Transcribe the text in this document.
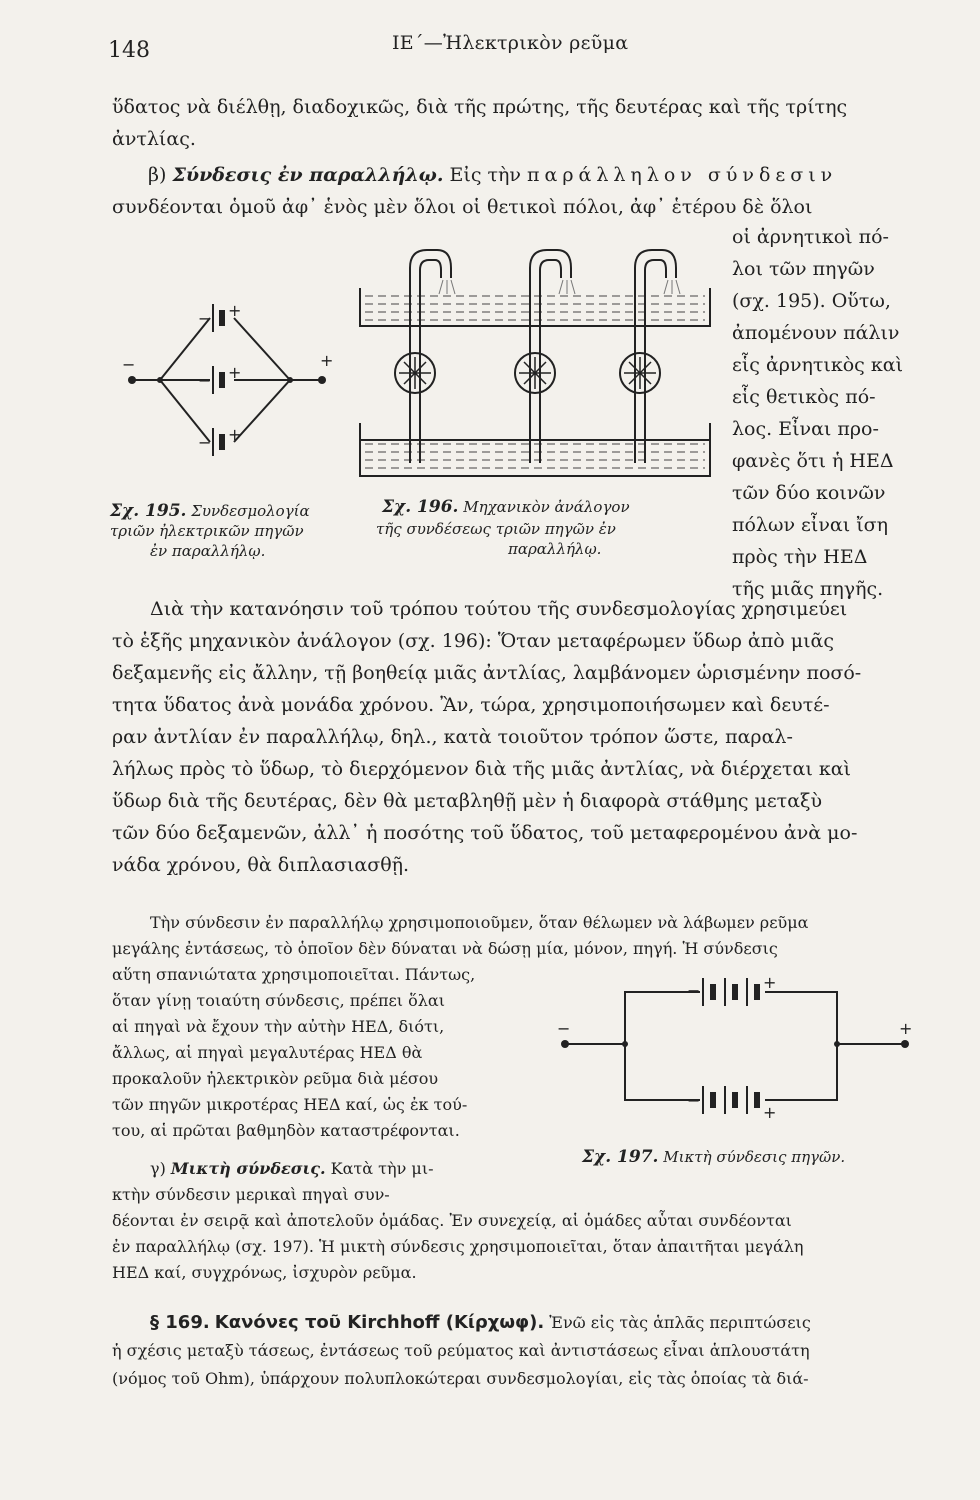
148	ΙΕ΄—Ἠλεκτρικὸν ρεῦμα
ὕδατος νὰ διέλθῃ, διαδοχικῶς, διὰ τῆς πρώτης, τῆς δευτέρας καὶ τῆς τρίτης
ἀντλίας.
β) Σύνδεσις ἐν παραλλήλῳ. Εἰς τὴν παράλληλον σύνδεσιν
συνδέονται ὁμοῦ ἀφ᾽ ἑνὸς μὲν ὅλοι οἱ θετικοὶ πόλοι, ἀφ᾽ ἑτέρου δὲ ὅλοι
οἱ ἀρνητικοὶ πό-
λοι τῶν πηγῶν
(σχ. 195). Οὕτω,
ἀπομένουν πάλιν
εἷς ἀρνητικὸς καὶ
εἷς θετικὸς πό-
λος. Εἶναι προ-
φανὲς ὅτι ἡ ΗΕΔ
τῶν δύο κοινῶν
πόλων εἶναι ἴση
πρὸς τὴν ΗΕΔ
τῆς μιᾶς πηγῆς.
+
+
+
+
−
−
−
−
Σχ. 195. Συνδεσμολογία
τριῶν ἠλεκτρικῶν πηγῶν
ἐν παραλλήλῳ.
Σχ. 196. Μηχανικὸν ἀνάλογον
τῆς συνδέσεως τριῶν πηγῶν ἐν
παραλλήλῳ.
Διὰ τὴν κατανόησιν τοῦ τρόπου τούτου τῆς συνδεσμολογίας χρησιμεύει
τὸ ἑξῆς μηχανικὸν ἀνάλογον (σχ. 196): Ὅταν μεταφέρωμεν ὕδωρ ἀπὸ μιᾶς
δεξαμενῆς εἰς ἄλλην, τῇ βοηθείᾳ μιᾶς ἀντλίας, λαμβάνομεν ὡρισμένην ποσό-
τητα ὕδατος ἀνὰ μονάδα χρόνου. Ἂν, τώρα, χρησιμοποιήσωμεν καὶ δευτέ-
ραν ἀντλίαν ἐν παραλλήλῳ, δηλ., κατὰ τοιοῦτον τρόπον ὥστε, παραλ-
λήλως πρὸς τὸ ὕδωρ, τὸ διερχόμενον διὰ τῆς μιᾶς ἀντλίας, νὰ διέρχεται καὶ
ὕδωρ διὰ τῆς δευτέρας, δὲν θὰ μεταβληθῇ μὲν ἡ διαφορὰ στάθμης μεταξὺ
τῶν δύο δεξαμενῶν, ἀλλ᾽ ἡ ποσότης τοῦ ὕδατος, τοῦ μεταφερομένου ἀνὰ μο-
νάδα χρόνου, θὰ διπλασιασθῇ.
Τὴν σύνδεσιν ἐν παραλλήλῳ χρησιμοποιοῦμεν, ὅταν θέλωμεν νὰ λάβωμεν ρεῦμα
μεγάλης ἐντάσεως, τὸ ὁποῖον δὲν δύναται νὰ δώσῃ μία, μόνον, πηγή. Ἡ σύνδεσις
αὕτη σπανιώτατα χρησιμοποιεῖται. Πάντως,
ὅταν γίνῃ τοιαύτη σύνδεσις, πρέπει ὅλαι
αἱ πηγαὶ νὰ ἔχουν τὴν αὐτὴν ΗΕΔ, διότι,
ἄλλως, αἱ πηγαὶ μεγαλυτέρας ΗΕΔ θὰ
προκαλοῦν ἠλεκτρικὸν ρεῦμα διὰ μέσου
τῶν πηγῶν μικροτέρας ΗΕΔ καί, ὡς ἐκ τού-
του, αἱ πρῶται βαθμηδὸν καταστρέφονται.
+
+
+
−
−
−
Σχ. 197. Μικτὴ σύνδεσις πηγῶν.
γ) Μικτὴ σύνδεσις. Κατὰ τὴν μι-
κτὴν σύνδεσιν μερικαὶ πηγαὶ συν-
δέονται ἐν σειρᾷ καὶ ἀποτελοῦν ὁμάδας. Ἐν συνεχείᾳ, αἱ ὁμάδες αὗται συνδέονται
ἐν παραλλήλῳ (σχ. 197). Ἡ μικτὴ σύνδεσις χρησιμοποιεῖται, ὅταν ἀπαιτῆται μεγάλη
ΗΕΔ καί, συγχρόνως, ἰσχυρὸν ρεῦμα.
§ 169. Κανόνες τοῦ Kirchhoff (Κίρχωφ). Ἐνῶ εἰς τὰς ἁπλᾶς περιπτώσεις
ἡ σχέσις μεταξὺ τάσεως, ἐντάσεως τοῦ ρεύματος καὶ ἀντιστάσεως εἶναι ἁπλουστάτη
(νόμος τοῦ Ohm), ὑπάρχουν πολυπλοκώτεραι συνδεσμολογίαι, εἰς τὰς ὁποίας τὰ διά-
